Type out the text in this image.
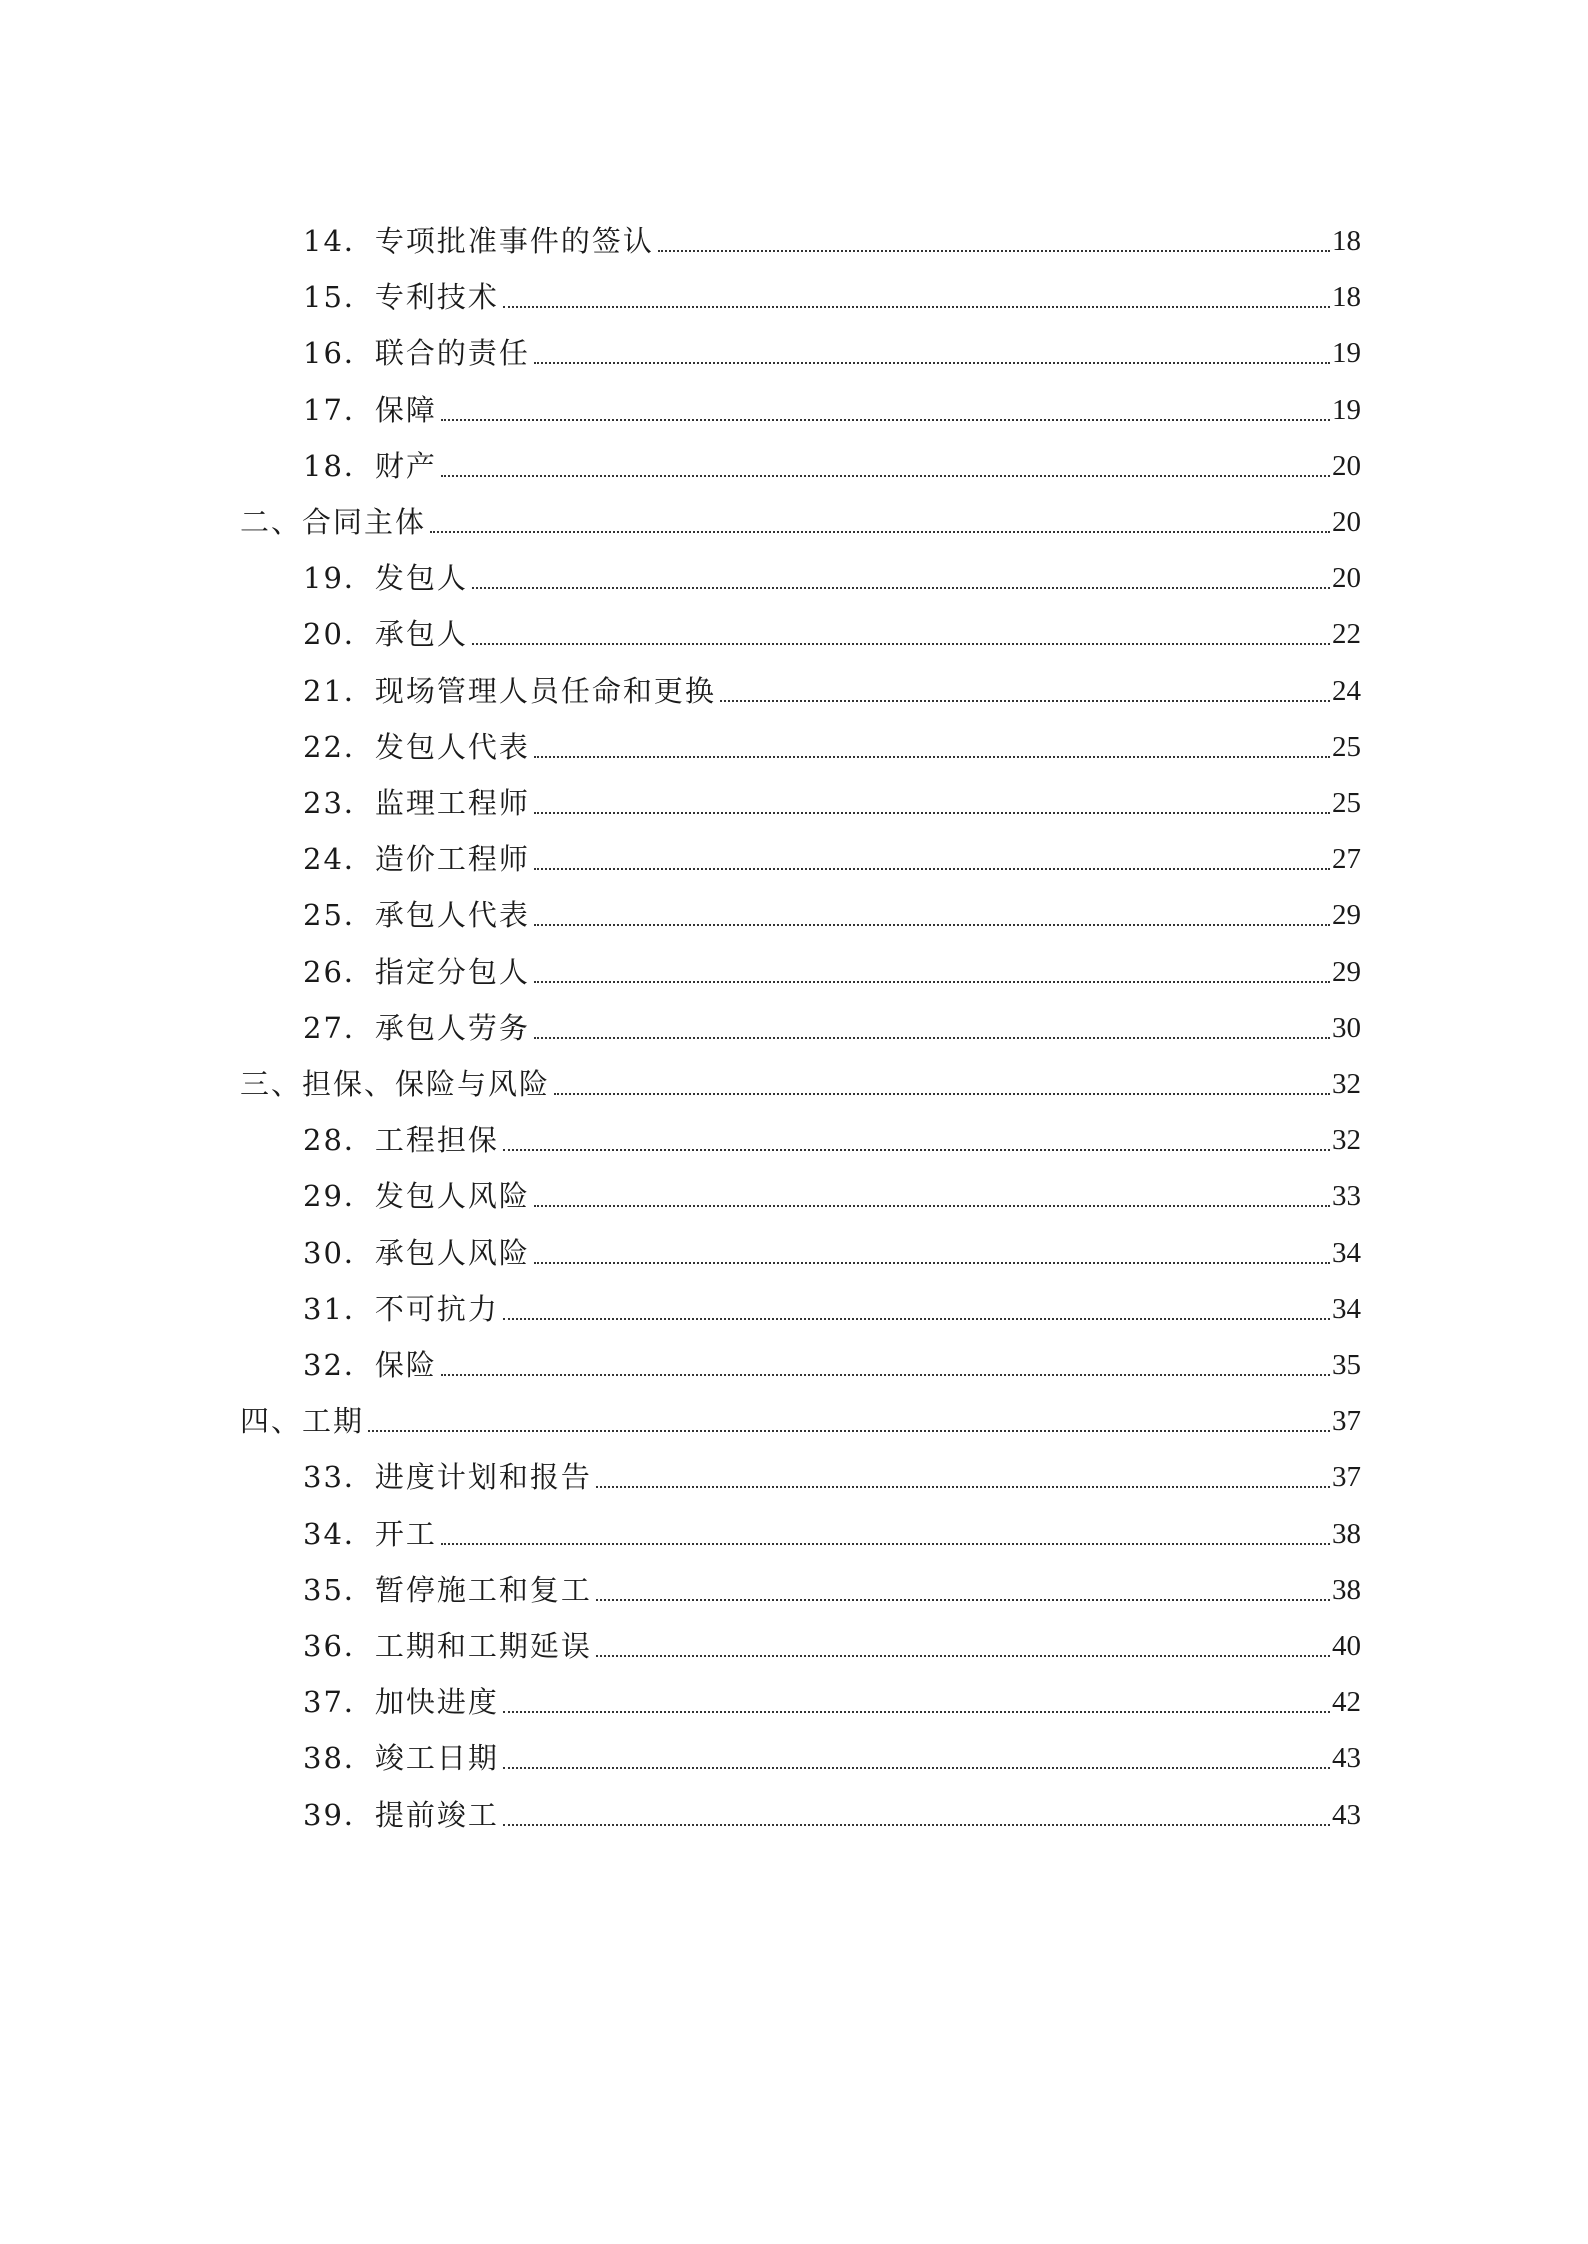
14．专项批准事件的签认	18
15．专利技术	18
16．联合的责任	19
17．保障	19
18．财产	20
二、合同主体	20
19．发包人	20
20．承包人	22
21．现场管理人员任命和更换	24
22．发包人代表	25
23．监理工程师	25
24．造价工程师	27
25．承包人代表	29
26．指定分包人	29
27．承包人劳务	30
三、担保、保险与风险	32
28．工程担保	32
29．发包人风险	33
30．承包人风险	34
31．不可抗力	34
32．保险	35
四、工期	37
33．进度计划和报告	37
34．开工	38
35．暂停施工和复工	38
36．工期和工期延误	40
37．加快进度	42
38．竣工日期	43
39．提前竣工	43
